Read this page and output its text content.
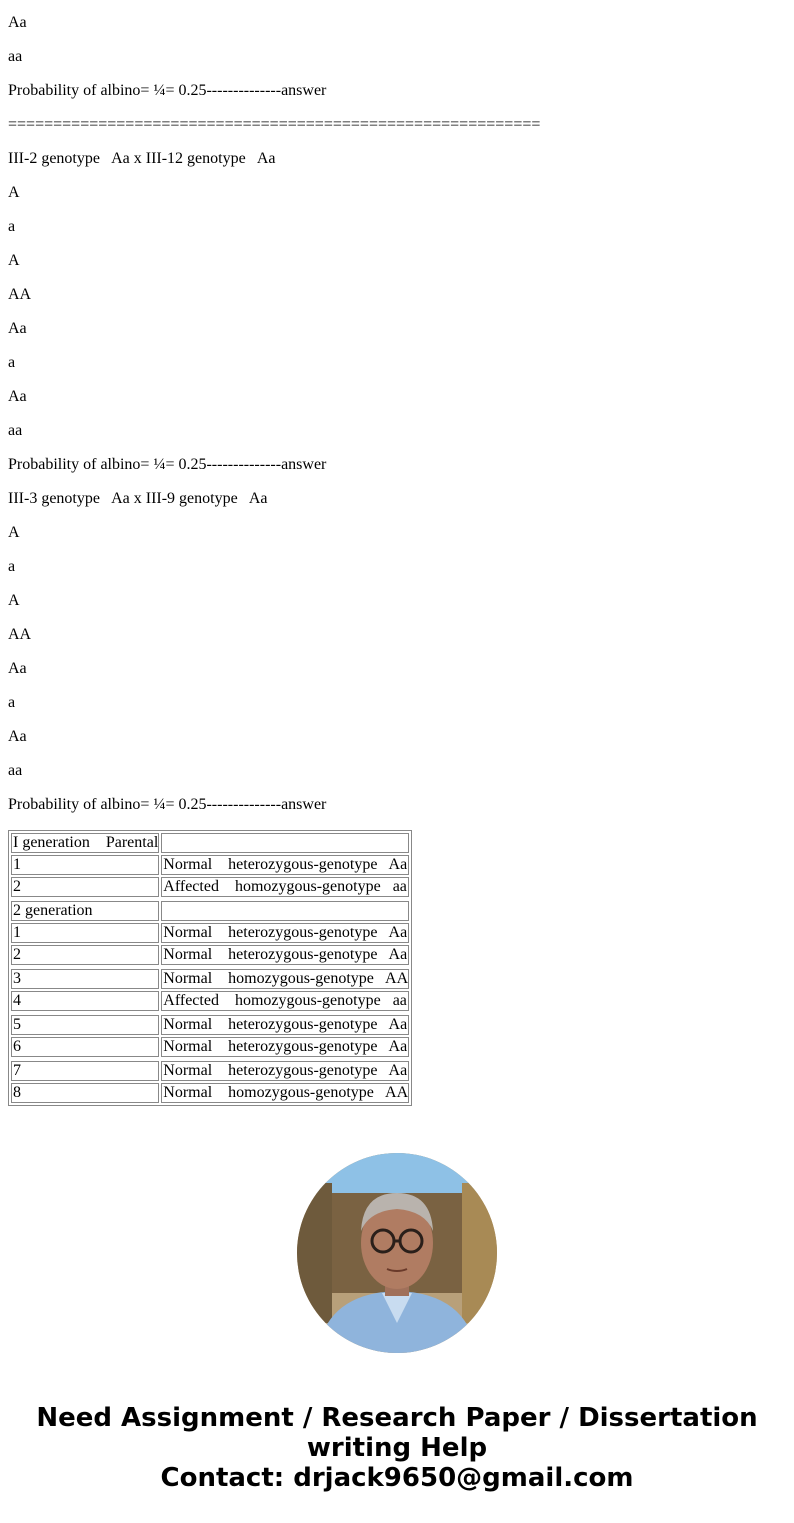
Aa
aa
Probability of albino= ¼= 0.25--------------answer
===========================================================
III-2 genotype   Aa x III-12 genotype   Aa
A
a
A
AA
Aa
a
Aa
aa
Probability of albino= ¼= 0.25--------------answer
III-3 genotype   Aa x III-9 genotype   Aa
A
a
A
AA
Aa
a
Aa
aa
Probability of albino= ¼= 0.25--------------answer
I generation    Parental	
1	Normal    heterozygous-genotype   Aa
2	Affected    homozygous-genotype   aa

2 generation	
1	Normal    heterozygous-genotype   Aa
2	Normal    heterozygous-genotype   Aa

3	Normal    homozygous-genotype   AA
4	Affected    homozygous-genotype   aa

5	Normal    heterozygous-genotype   Aa
6	Normal    heterozygous-genotype   Aa

7	Normal    heterozygous-genotype   Aa
8	Normal    homozygous-genotype   AA
Need Assignment / Research Paper / Dissertation
writing Help
Contact: drjack9650@gmail.com
